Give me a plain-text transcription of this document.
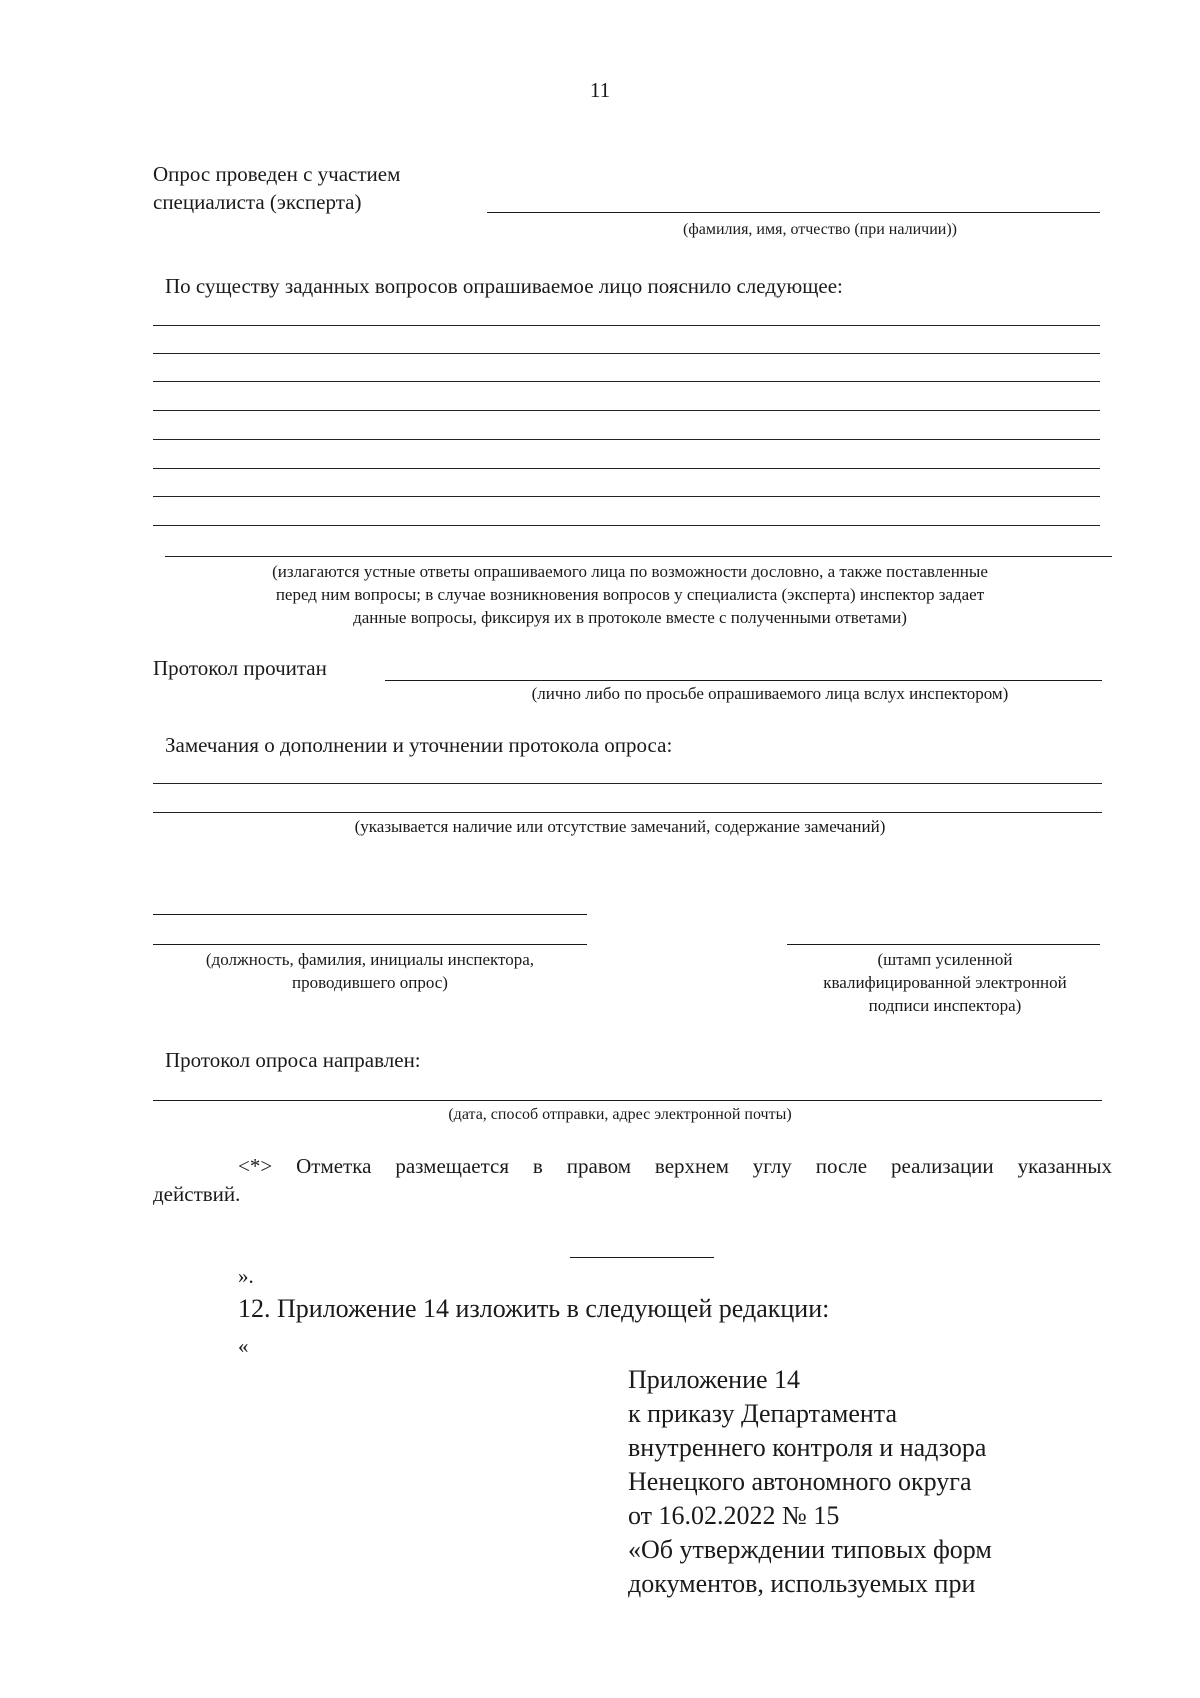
11
Опрос проведен с участием
специалиста (эксперта)
(фамилия, имя, отчество (при наличии))
По существу заданных вопросов опрашиваемое лицо пояснило следующее:
(излагаются устные ответы опрашиваемого лица по возможности дословно, а также поставленные
перед ним вопросы; в случае возникновения вопросов у специалиста (эксперта) инспектор задает
данные вопросы, фиксируя их в протоколе вместе с полученными ответами)
Протокол прочитан
(лично либо по просьбе опрашиваемого лица вслух инспектором)
Замечания о дополнении и уточнении протокола опроса:
(указывается наличие или отсутствие замечаний, содержание замечаний)
(должность, фамилия, инициалы инспектора,
проводившего опрос)
(штамп усиленной
квалифицированной электронной
подписи инспектора)
Протокол опроса направлен:
(дата, способ отправки, адрес электронной почты)
<*> Отметка размещается в правом верхнем углу после реализации указанных
действий.
».
12. Приложение 14 изложить в следующей редакции:
«
Приложение 14
к приказу Департамента
внутреннего контроля и надзора
Ненецкого автономного округа
от 16.02.2022 № 15
«Об утверждении типовых форм
документов, используемых при
